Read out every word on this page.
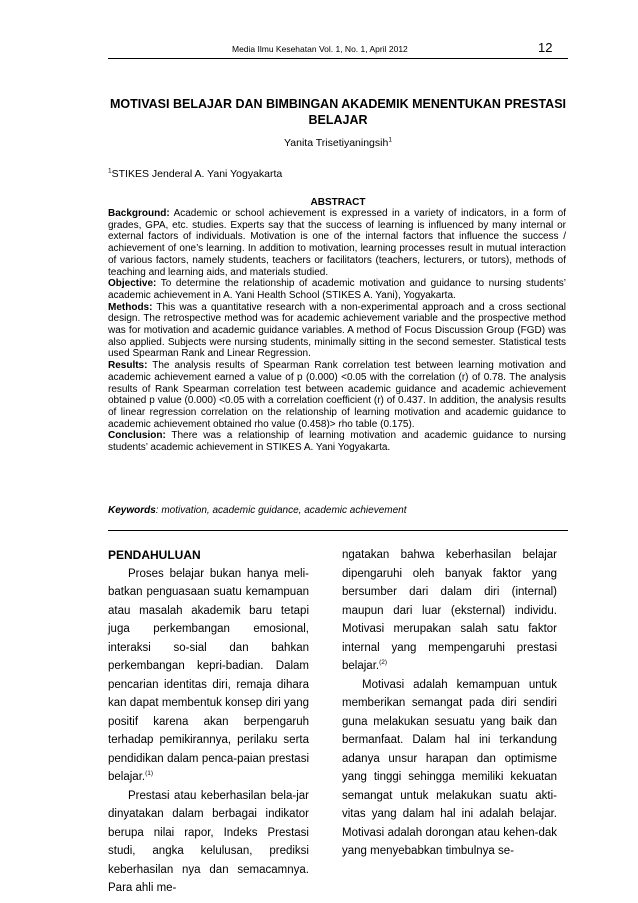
Media Ilmu Kesehatan Vol. 1, No. 1, April 2012	12
MOTIVASI BELAJAR DAN BIMBINGAN AKADEMIK MENENTUKAN PRESTASI
BELAJAR
Yanita Trisetiyaningsih$^1$
$^1$STIKES Jenderal A. Yani Yogyakarta
ABSTRACT

Background: Academic or school achievement is expressed in a variety of indicators, in a form of grades, GPA, etc. studies. Experts say that the success of learning is influenced by many internal or external factors of individuals. Motivation is one of the internal factors that influence the success / achievement of one’s learning. In addition to motivation, learning processes result in mutual interaction of various factors, namely students, teachers or facilitators (teachers, lecturers, or tutors), methods of teaching and learning aids, and materials studied.

Objective: To determine the relationship of academic motivation and guidance to nursing students’ academic achievement in A. Yani Health School (STIKES A. Yani), Yogyakarta.

Methods: This was a quantitative research with a non-experimental approach and a cross sectional design. The retrospective method was for academic achievement variable and the prospective method was for motivation and academic guidance variables. A method of Focus Discussion Group (FGD) was also applied. Subjects were nursing students, minimally sitting in the second semester. Statistical tests used Spearman Rank and Linear Regression.

Results: The analysis results of Spearman Rank correlation test between learning motivation and academic achievement earned a value of p (0.000) <0.05 with the correlation (r) of 0.78. The analysis results of Rank Spearman correlation test between academic guidance and academic achievement obtained p value (0.000) <0.05 with a correlation coefficient (r) of 0.437. In addition, the analysis results of linear regression correlation on the relationship of learning motivation and academic guidance to academic achievement obtained rho value (0.458)> rho table (0.175).

Conclusion: There was a relationship of learning motivation and academic guidance to nursing students’ academic achievement in STIKES A. Yani Yogyakarta.

Keywords: motivation, academic guidance, academic achievement
PENDAHULUAN

Proses belajar bukan hanya meli-batkan penguasaan suatu kemampuan atau masalah akademik baru tetapi juga perkembangan emosional, interaksi so-sial dan bahkan perkembangan kepri-badian. Dalam pencarian identitas diri, remaja dihara kan dapat membentuk konsep diri yang positif karena akan berpengaruh terhadap pemikirannya, perilaku serta pendidikan dalam penca-paian prestasi belajar.$^{(1)}$

Prestasi atau keberhasilan bela-jar dinyatakan dalam berbagai indikator berupa nilai rapor, Indeks Prestasi studi, angka kelulusan, prediksi keberhasilan nya dan semacamnya. Para ahli me-

ngatakan bahwa keberhasilan belajar dipengaruhi oleh banyak faktor yang bersumber dari dalam diri (internal) maupun dari luar (eksternal) individu. Motivasi merupakan salah satu faktor internal yang mempengaruhi prestasi belajar.$^{(2)}$

Motivasi adalah kemampuan untuk memberikan semangat pada diri sendiri guna melakukan sesuatu yang baik dan bermanfaat. Dalam hal ini terkandung adanya unsur harapan dan optimisme yang tinggi sehingga memiliki kekuatan semangat untuk melakukan suatu akti-vitas yang dalam hal ini adalah belajar. Motivasi adalah dorongan atau kehen-dak yang menyebabkan timbulnya se-
